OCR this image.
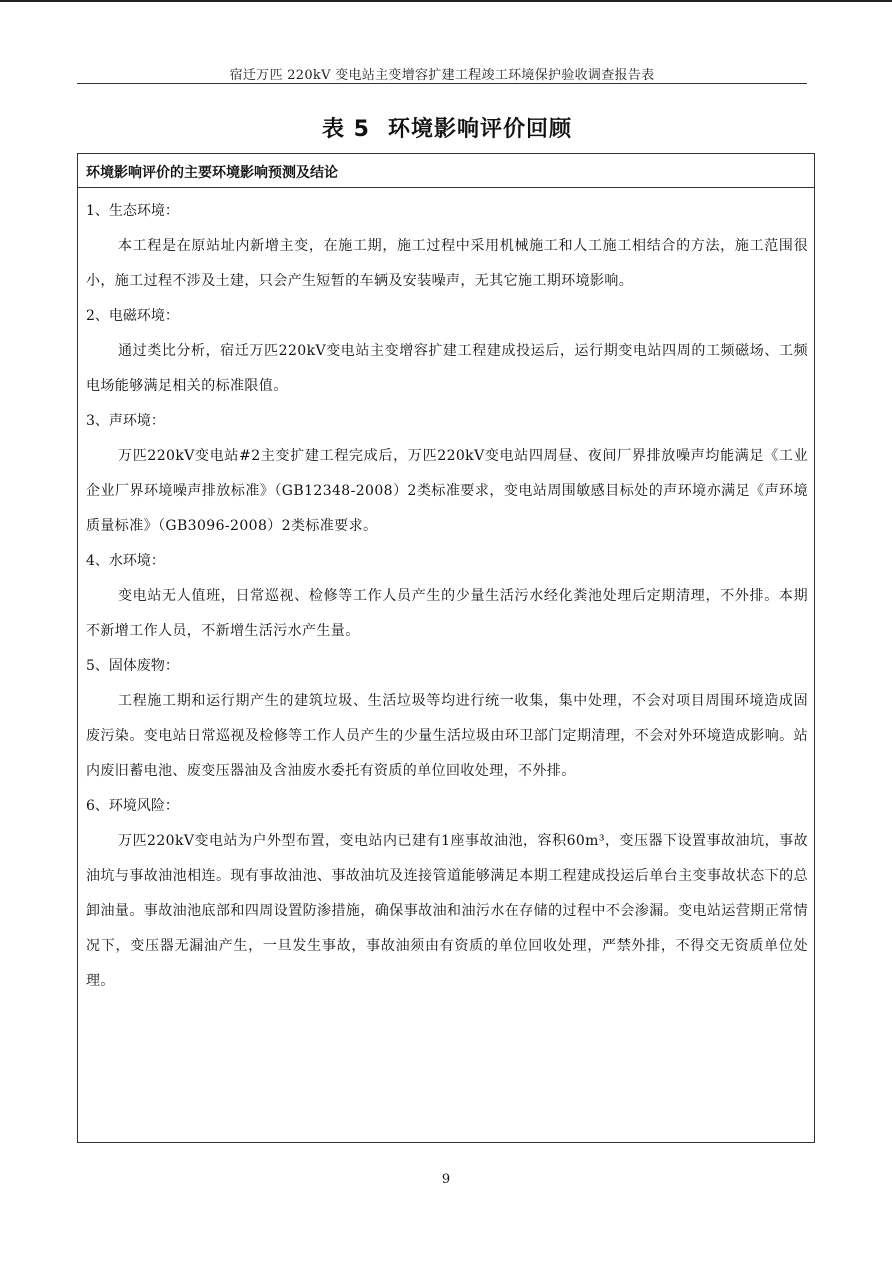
宿迁万匹 220kV 变电站主变增容扩建工程竣工环境保护验收调查报告表
表 5 环境影响评价回顾
环境影响评价的主要环境影响预测及结论

1、生态环境：

本工程是在原站址内新增主变，在施工期，施工过程中采用机械施工和人工施工相结合的方法，施工范围很小，施工过程不涉及土建，只会产生短暂的车辆及安装噪声，无其它施工期环境影响。

2、电磁环境：

通过类比分析，宿迁万匹220kV变电站主变增容扩建工程建成投运后，运行期变电站四周的工频磁场、工频电场能够满足相关的标准限值。

3、声环境：

万匹220kV变电站#2主变扩建工程完成后，万匹220kV变电站四周昼、夜间厂界排放噪声均能满足《工业企业厂界环境噪声排放标准》（GB12348-2008）2类标准要求，变电站周围敏感目标处的声环境亦满足《声环境质量标准》（GB3096-2008）2类标准要求。

4、水环境：

变电站无人值班，日常巡视、检修等工作人员产生的少量生活污水经化粪池处理后定期清理，不外排。本期不新增工作人员，不新增生活污水产生量。

5、固体废物：

工程施工期和运行期产生的建筑垃圾、生活垃圾等均进行统一收集，集中处理，不会对项目周围环境造成固废污染。变电站日常巡视及检修等工作人员产生的少量生活垃圾由环卫部门定期清理，不会对外环境造成影响。站内废旧蓄电池、废变压器油及含油废水委托有资质的单位回收处理，不外排。

6、环境风险：

万匹220kV变电站为户外型布置，变电站内已建有1座事故油池，容积60m³，变压器下设置事故油坑，事故油坑与事故油池相连。现有事故油池、事故油坑及连接管道能够满足本期工程建成投运后单台主变事故状态下的总卸油量。事故油池底部和四周设置防渗措施，确保事故油和油污水在存储的过程中不会渗漏。变电站运营期正常情况下，变压器无漏油产生，一旦发生事故，事故油须由有资质的单位回收处理，严禁外排，不得交无资质单位处理。

9
